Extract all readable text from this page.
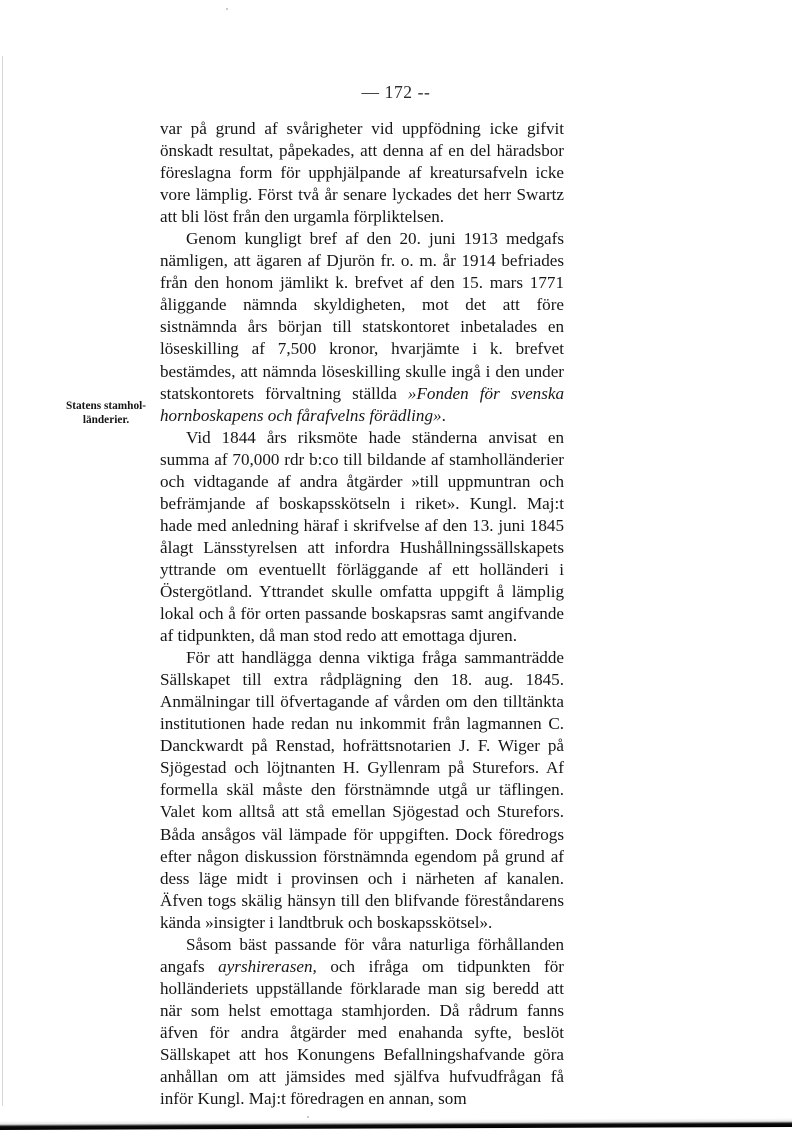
— 172 --
Statens stamhol- länderier.

var på grund af svårigheter vid uppfödning icke gifvit önskadt resultat, påpekades, att denna af en del häradsbor föreslagna form för upphjälpande af kreatursafveln icke vore lämplig. Först två år senare lyckades det herr Swartz att bli löst från den urgamla förpliktelsen.

Genom kungligt bref af den 20. juni 1913 medgafs nämligen, att ägaren af Djurön fr. o. m. år 1914 befriades från den honom jämlikt k. brefvet af den 15. mars 1771 åliggande nämnda skyldigheten, mot det att före sistnämnda års början till statskontoret inbetalades en löseskilling af 7,500 kronor, hvarjämte i k. brefvet bestämdes, att nämnda löseskilling skulle ingå i den under statskontorets förvaltning ställda »Fonden för svenska hornboskapens och fårafvelns förädling».

Vid 1844 års riksmöte hade ständerna anvisat en summa af 70,000 rdr b:co till bildande af stamholländerier och vidtagande af andra åtgärder »till uppmuntran och befrämjande af boskapsskötseln i riket». Kungl. Maj:t hade med anledning häraf i skrifvelse af den 13. juni 1845 ålagt Länsstyrelsen att infordra Hushållningssällskapets yttrande om eventuellt förläggande af ett holländeri i Östergötland. Yttrandet skulle omfatta uppgift å lämplig lokal och å för orten passande boskapsras samt angifvande af tidpunkten, då man stod redo att emottaga djuren.

För att handlägga denna viktiga fråga sammanträdde Sällskapet till extra rådplägning den 18. aug. 1845. Anmälningar till öfvertagande af vården om den tilltänkta institutionen hade redan nu inkommit från lagmannen C. Danckwardt på Renstad, hofrättsnotarien J. F. Wiger på Sjögestad och löjtnanten H. Gyllenram på Sturefors. Af formella skäl måste den förstnämnde utgå ur täflingen. Valet kom alltså att stå emellan Sjögestad och Sturefors. Båda ansågos väl lämpade för uppgiften. Dock föredrogs efter någon diskussion förstnämnda egendom på grund af dess läge midt i provinsen och i närheten af kanalen. Äfven togs skälig hänsyn till den blifvande föreståndarens kända »insigter i landtbruk och boskapsskötsel».

Såsom bäst passande för våra naturliga förhållanden angafs ayrshirerasen, och ifråga om tidpunkten för holländeriets uppställande förklarade man sig beredd att när som helst emottaga stamhjorden. Då rådrum fanns äfven för andra åtgärder med enahanda syfte, beslöt Sällskapet att hos Konungens Befallningshafvande göra anhållan om att jämsides med själfva hufvudfrågan få inför Kungl. Maj:t föredragen en annan, som
